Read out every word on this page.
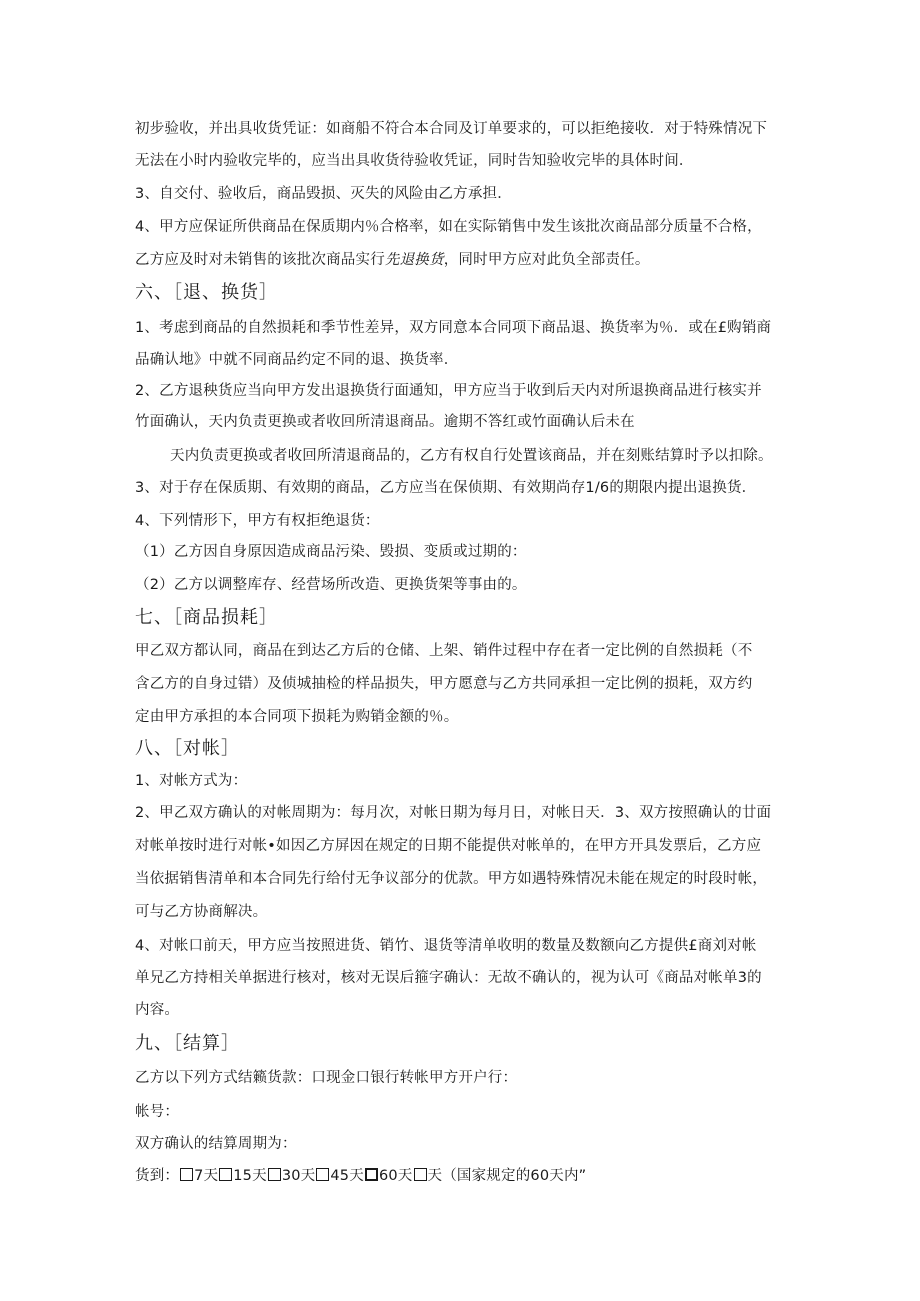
初步验收，并出具收货凭证：如商船不符合本合同及订单要求的，可以拒绝接收．对于特殊情况下
无法在小时内验收完毕的，应当出具收货待验收凭证，同时告知验收完毕的具体时间．
3、自交付、验收后，商品毁损、灭失的风险由乙方承担．
4、甲方应保证所供商品在保质期内％合格率，如在实际销售中发生该批次商品部分质量不合格，
乙方应及时对未销售的该批次商品实行先退换货，同时甲方应对此负全部责任。
六、［退、换货］
1、考虑到商品的自然损耗和季节性差异，双方同意本合同项下商品退、换货率为％．或在£购销商
品确认地》中就不同商品约定不同的退、换货率．
2、乙方退秧货应当向甲方发出退换货行面通知，甲方应当于收到后天内对所退换商品进行核实并
竹面确认，天内负责更换或者收回所清退商品。逾期不答红或竹面确认后未在
天内负责更换或者收回所清退商品的，乙方有权自行处置该商品，并在刻账结算时予以扣除。
3、对于存在保质期、有效期的商品，乙方应当在保侦期、有效期尚存1/6的期限内提出退换货．
4、下列情形下，甲方有权拒绝退货：
（1）乙方因自身原因造成商品污染、毁损、变质或过期的：
（2）乙方以调整库存、经营场所改造、更换货架等事由的。
七、［商品损耗］
甲乙双方都认同，商品在到达乙方后的仓储、上架、销件过程中存在者一定比例的自然损耗（不
含乙方的自身过错）及侦城抽检的样品损失，甲方愿意与乙方共同承担一定比例的损耗，双方约
定由甲方承担的本合同项下损耗为购销金额的％。
八、［对帐］
1、对帐方式为：
2、甲乙双方确认的对帐周期为：每月次，对帐日期为每月日，对帐日天．3、双方按照确认的廿面
对帐单按时进行对帐•如因乙方屏因在规定的日期不能提供对帐单的，在甲方开具发票后，乙方应
当依据销售清单和本合同先行给付无争议部分的优款。甲方如遇特殊情况未能在规定的时段时帐，
可与乙方协商解决。
4、对帐口前天，甲方应当按照进货、销竹、退货等清单收明的数量及数额向乙方提供£商刘对帐
单兄乙方持相关单据进行核对，核对无误后箍字确认：无故不确认的，视为认可《商品对帐单3的
内容。
九、［结算］
乙方以下列方式结籁货款：口现金口银行转帐甲方开户行：
帐号：
双方确认的结算周期为：
货到： 7天 15天 30天 45天 60天 天（国家规定的60天内”
